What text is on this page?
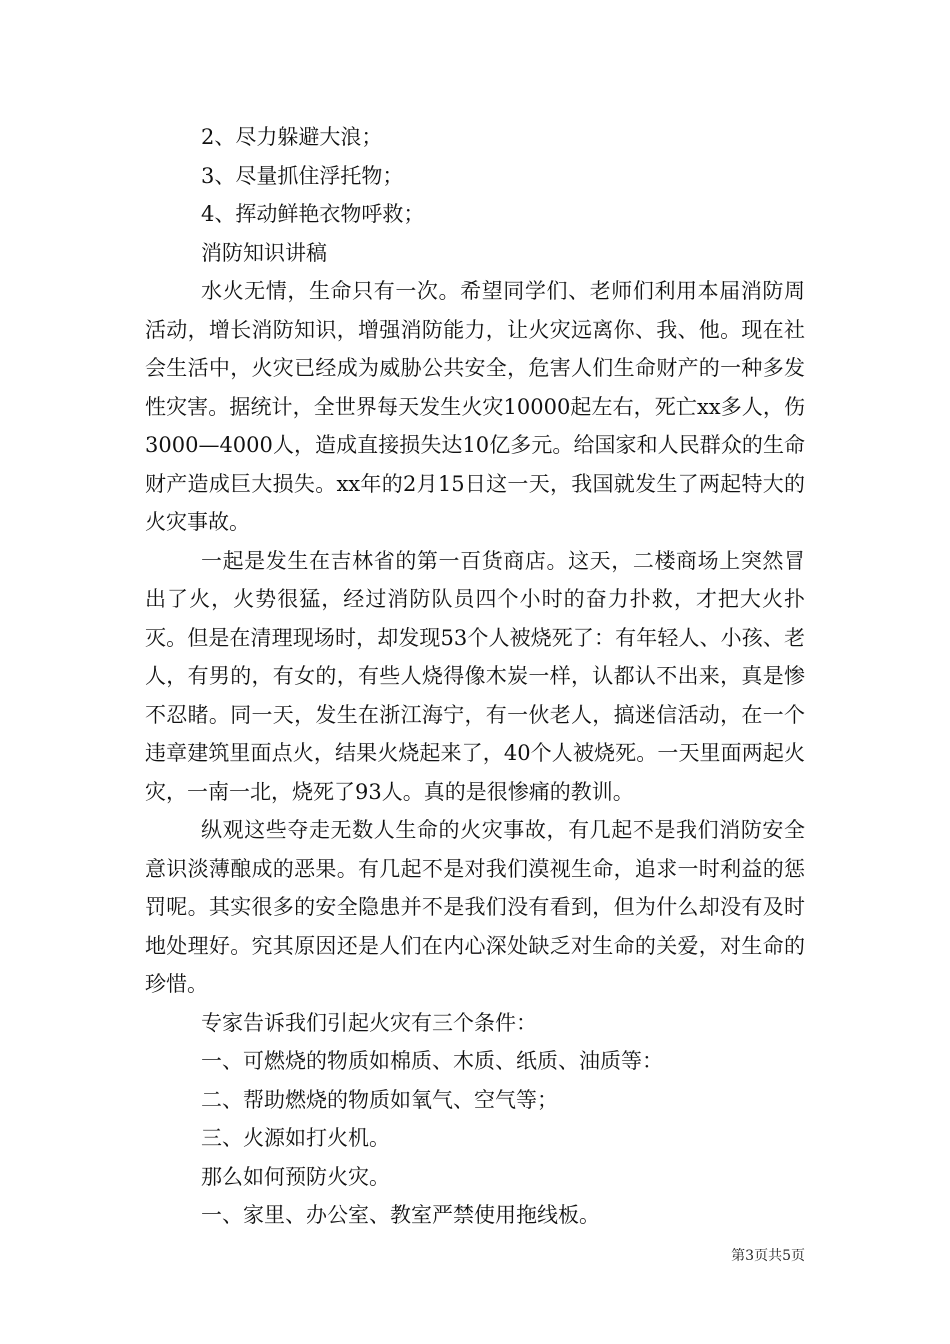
2、尽力躲避大浪；

3、尽量抓住浮托物；

4、挥动鲜艳衣物呼救；

消防知识讲稿

水火无情，生命只有一次。希望同学们、老师们利用本届消防周活动，增长消防知识，增强消防能力，让火灾远离你、我、他。现在社会生活中，火灾已经成为威胁公共安全，危害人们生命财产的一种多发性灾害。据统计，全世界每天发生火灾10000起左右，死亡xx多人，伤3000—4000人，造成直接损失达10亿多元。给国家和人民群众的生命财产造成巨大损失。xx年的2月15日这一天，我国就发生了两起特大的火灾事故。

一起是发生在吉林省的第一百货商店。这天，二楼商场上突然冒出了火，火势很猛，经过消防队员四个小时的奋力扑救，才把大火扑灭。但是在清理现场时，却发现53个人被烧死了：有年轻人、小孩、老人，有男的，有女的，有些人烧得像木炭一样，认都认不出来，真是惨不忍睹。同一天，发生在浙江海宁，有一伙老人，搞迷信活动，在一个违章建筑里面点火，结果火烧起来了，40个人被烧死。一天里面两起火灾，一南一北，烧死了93人。真的是很惨痛的教训。

纵观这些夺走无数人生命的火灾事故，有几起不是我们消防安全意识淡薄酿成的恶果。有几起不是对我们漠视生命，追求一时利益的惩罚呢。其实很多的安全隐患并不是我们没有看到，但为什么却没有及时地处理好。究其原因还是人们在内心深处缺乏对生命的关爱，对生命的珍惜。

专家告诉我们引起火灾有三个条件：

一、可燃烧的物质如棉质、木质、纸质、油质等：

二、帮助燃烧的物质如氧气、空气等；

三、火源如打火机。

那么如何预防火灾。

一、家里、办公室、教室严禁使用拖线板。

第3页共5页
